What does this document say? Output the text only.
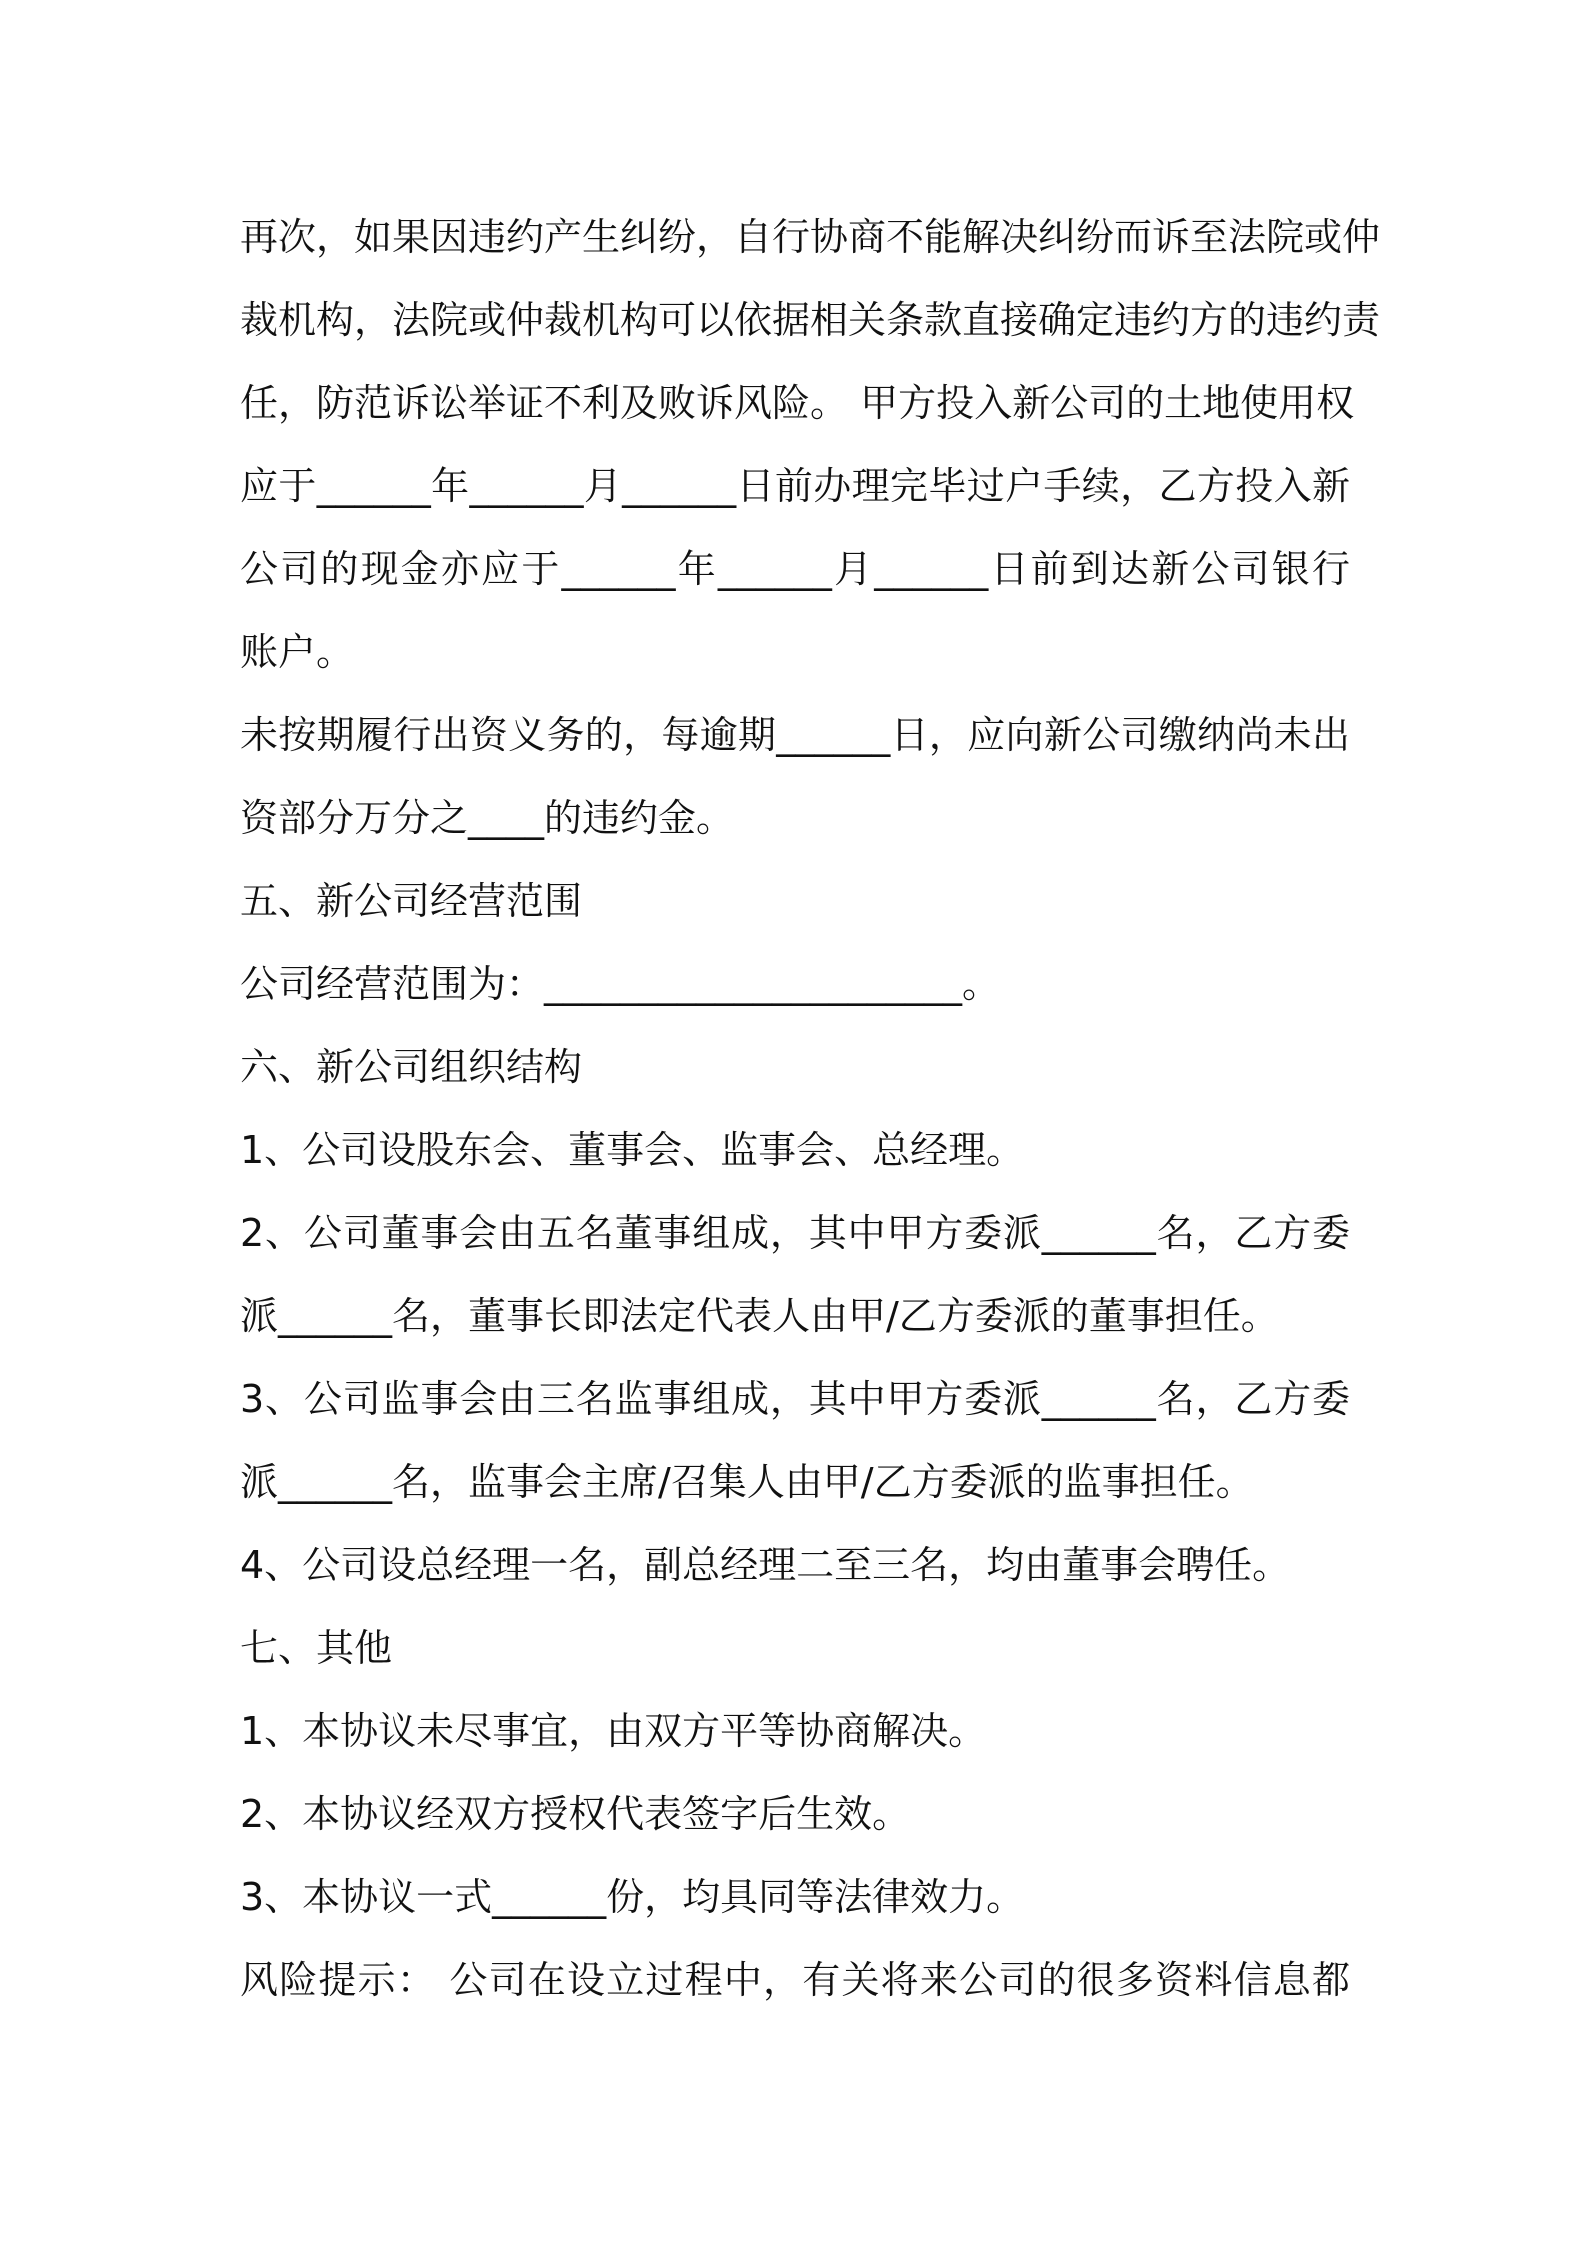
再次，如果因违约产生纠纷，自行协商不能解决纠纷而诉至法院或仲
裁机构，法院或仲裁机构可以依据相关条款直接确定违约方的违约责
任，防范诉讼举证不利及败诉风险。 甲方投入新公司的土地使用权
应于______年______月______日前办理完毕过户手续，乙方投入新
公司的现金亦应于______年______月______日前到达新公司银行
账户。
未按期履行出资义务的，每逾期______日，应向新公司缴纳尚未出
资部分万分之____的违约金。
五、新公司经营范围
公司经营范围为：______________________。
六、新公司组织结构
1、公司设股东会、董事会、监事会、总经理。
2、公司董事会由五名董事组成，其中甲方委派______名，乙方委
派______名，董事长即法定代表人由甲/乙方委派的董事担任。
3、公司监事会由三名监事组成，其中甲方委派______名，乙方委
派______名，监事会主席/召集人由甲/乙方委派的监事担任。
4、公司设总经理一名，副总经理二至三名，均由董事会聘任。
七、其他
1、本协议未尽事宜，由双方平等协商解决。
2、本协议经双方授权代表签字后生效。
3、本协议一式______份，均具同等法律效力。
风险提示： 公司在设立过程中，有关将来公司的很多资料信息都
